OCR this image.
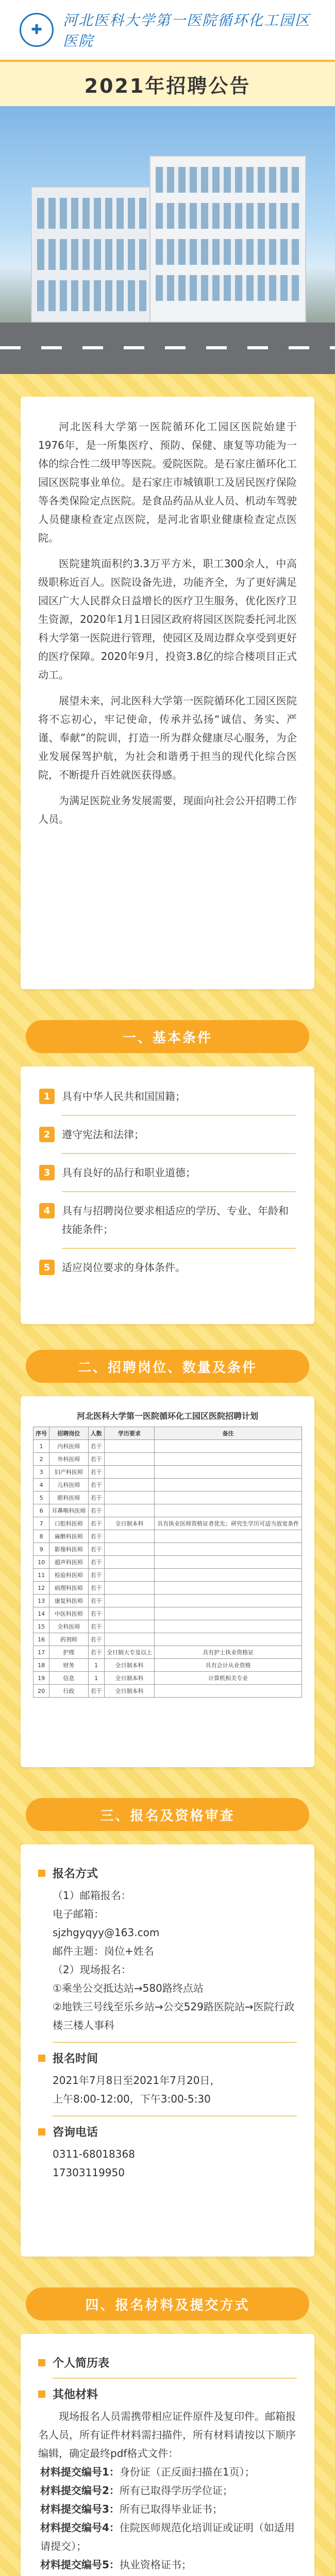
✚
河北医科大学第一医院循环化工园区医院
2021年招聘公告

河北医科大学第一医院循环化工园区医院始建于1976年，是一所集医疗、预防、保健、康复等功能为一体的综合性二级甲等医院。爱院医院。是石家庄循环化工园区医院事业单位。是石家庄市城镇职工及居民医疗保险等各类保险定点医院。是食品药品从业人员、机动车驾驶人员健康检查定点医院，是河北省职业健康检查定点医院。

医院建筑面积约3.3万平方米，职工300余人，中高级职称近百人。医院设备先进，功能齐全，为了更好满足园区广大人民群众日益增长的医疗卫生服务，优化医疗卫生资源，2020年1月1日园区政府将园区医院委托河北医科大学第一医院进行管理，使园区及周边群众享受到更好的医疗保障。2020年9月，投资3.8亿的综合楼项目正式动工。

展望未来，河北医科大学第一医院循环化工园区医院将不忘初心，牢记使命，传承并弘扬“诚信、务实、严谨、奉献”的院训，打造一所为群众健康尽心服务，为企业发展保驾护航，为社会和谐勇于担当的现代化综合医院，不断提升百姓就医获得感。

为满足医院业务发展需要，现面向社会公开招聘工作人员。

一、基本条件
1	具有中华人民共和国国籍；
2	遵守宪法和法律；
3	具有良好的品行和职业道德；
4	具有与招聘岗位要求相适应的学历、专业、年龄和技能条件；
5	适应岗位要求的身体条件。
二、招聘岗位、数量及条件
河北医科大学第一医院循环化工园区医院招聘计划
序号	招聘岗位	人数	学历要求	备注
1	内科医师	若干		
2	外科医师	若干		
3	妇产科医师	若干		
4	儿科医师	若干		
5	眼科医师	若干		
6	耳鼻喉科医师	若干		
7	口腔科医师	若干	全日制本科	具有执业医师资格证者优先；研究生学历可适当放宽条件
8	麻醉科医师	若干		
9	影像科医师	若干		
10	超声科医师	若干		
11	检验科医师	若干		
12	病理科医师	若干		
13	康复科医师	若干		
14	中医科医师	若干		
15	全科医师	若干		
16	药剂师	若干		
17	护理	若干	全日制大专及以上	具有护士执业资格证
18	财务	1	全日制本科	具有会计从业资格
19	信息	1	全日制本科	计算机相关专业
20	行政	若干	全日制本科	
三、报名及资格审查
报名方式
（1）邮箱报名：
电子邮箱：
sjzhgyqyy@163.com
邮件主题：岗位+姓名
（2）现场报名：
①乘坐公交抵达站→580路终点站
②地铁三号线至乐乡站→公交529路医院站→医院行政楼三楼人事科
报名时间
2021年7月8日至2021年7月20日，
上午8:00-12:00，下午3:00-5:30
咨询电话
0311-68018368
17303119950
四、报名材料及提交方式
个人简历表
其他材料

现场报名人员需携带相应证件原件及复印件。邮箱报名人员，所有证件材料需扫描件，所有材料请按以下顺序编辑，确定最终pdf格式文件：

材料提交编号1：身份证（正反面扫描在1页）；
材料提交编号2：所有已取得学历学位证；
材料提交编号3：所有已取得毕业证书；
材料提交编号4：住院医师规范化培训证或证明（如适用请提交）；
材料提交编号5：执业资格证书；
